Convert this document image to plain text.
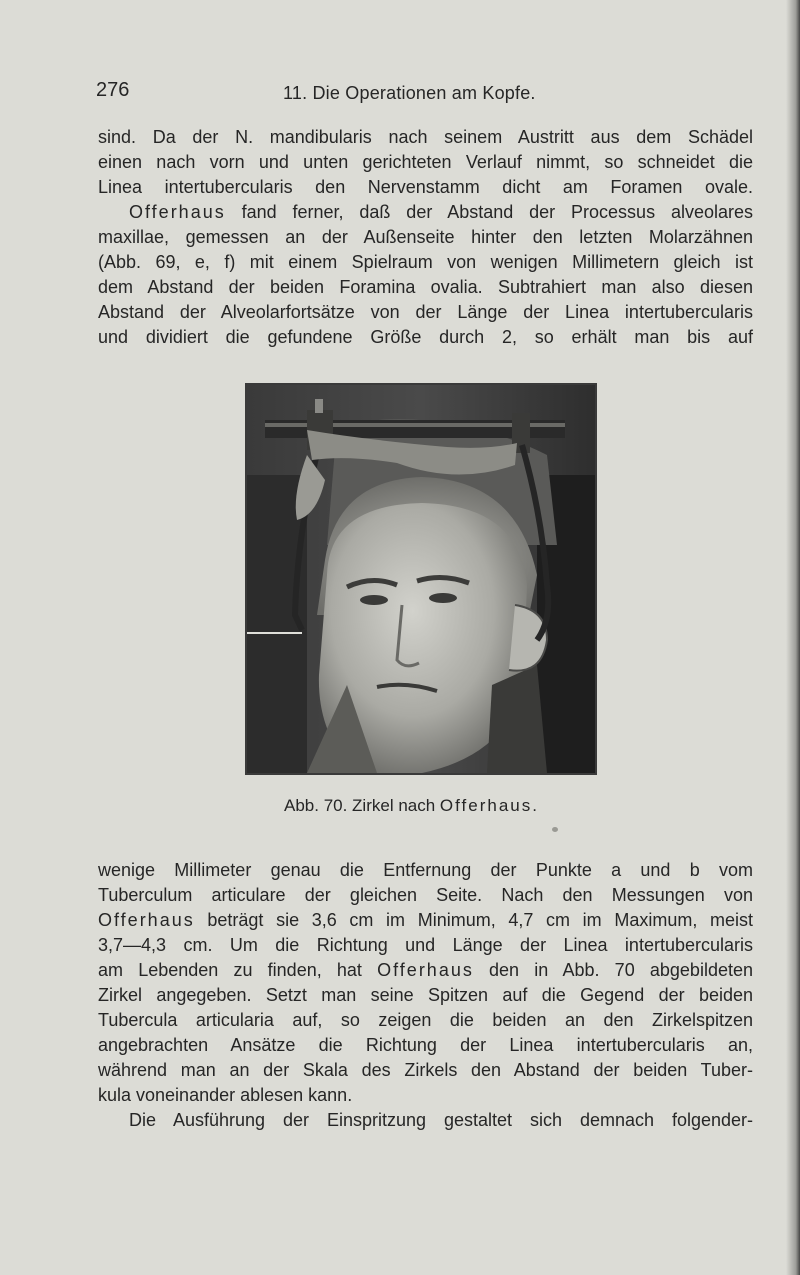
276	11. Die Operationen am Kopfe.
sind. Da der N. mandibularis nach seinem Austritt aus dem Schädel
einen nach vorn und unten gerichteten Verlauf nimmt, so schneidet die
Linea intertubercularis den Nervenstamm dicht am Foramen ovale.
Offerhaus fand ferner, daß der Abstand der Processus alveolares
maxillae, gemessen an der Außenseite hinter den letzten Molarzähnen
(Abb. 69, e, f) mit einem Spielraum von wenigen Millimetern gleich ist
dem Abstand der beiden Foramina ovalia. Subtrahiert man also diesen
Abstand der Alveolarfortsätze von der Länge der Linea intertubercularis
und dividiert die gefundene Größe durch 2, so erhält man bis auf
Abb. 70. Zirkel nach Offerhaus.
wenige Millimeter genau die Entfernung der Punkte a und b vom
Tuberculum articulare der gleichen Seite. Nach den Messungen von
Offerhaus beträgt sie 3,6 cm im Minimum, 4,7 cm im Maximum, meist
3,7—4,3 cm. Um die Richtung und Länge der Linea intertubercularis
am Lebenden zu finden, hat Offerhaus den in Abb. 70 abgebildeten
Zirkel angegeben. Setzt man seine Spitzen auf die Gegend der beiden
Tubercula articularia auf, so zeigen die beiden an den Zirkelspitzen
angebrachten Ansätze die Richtung der Linea intertubercularis an,
während man an der Skala des Zirkels den Abstand der beiden Tuber-
kula voneinander ablesen kann.
Die Ausführung der Einspritzung gestaltet sich demnach folgender-
